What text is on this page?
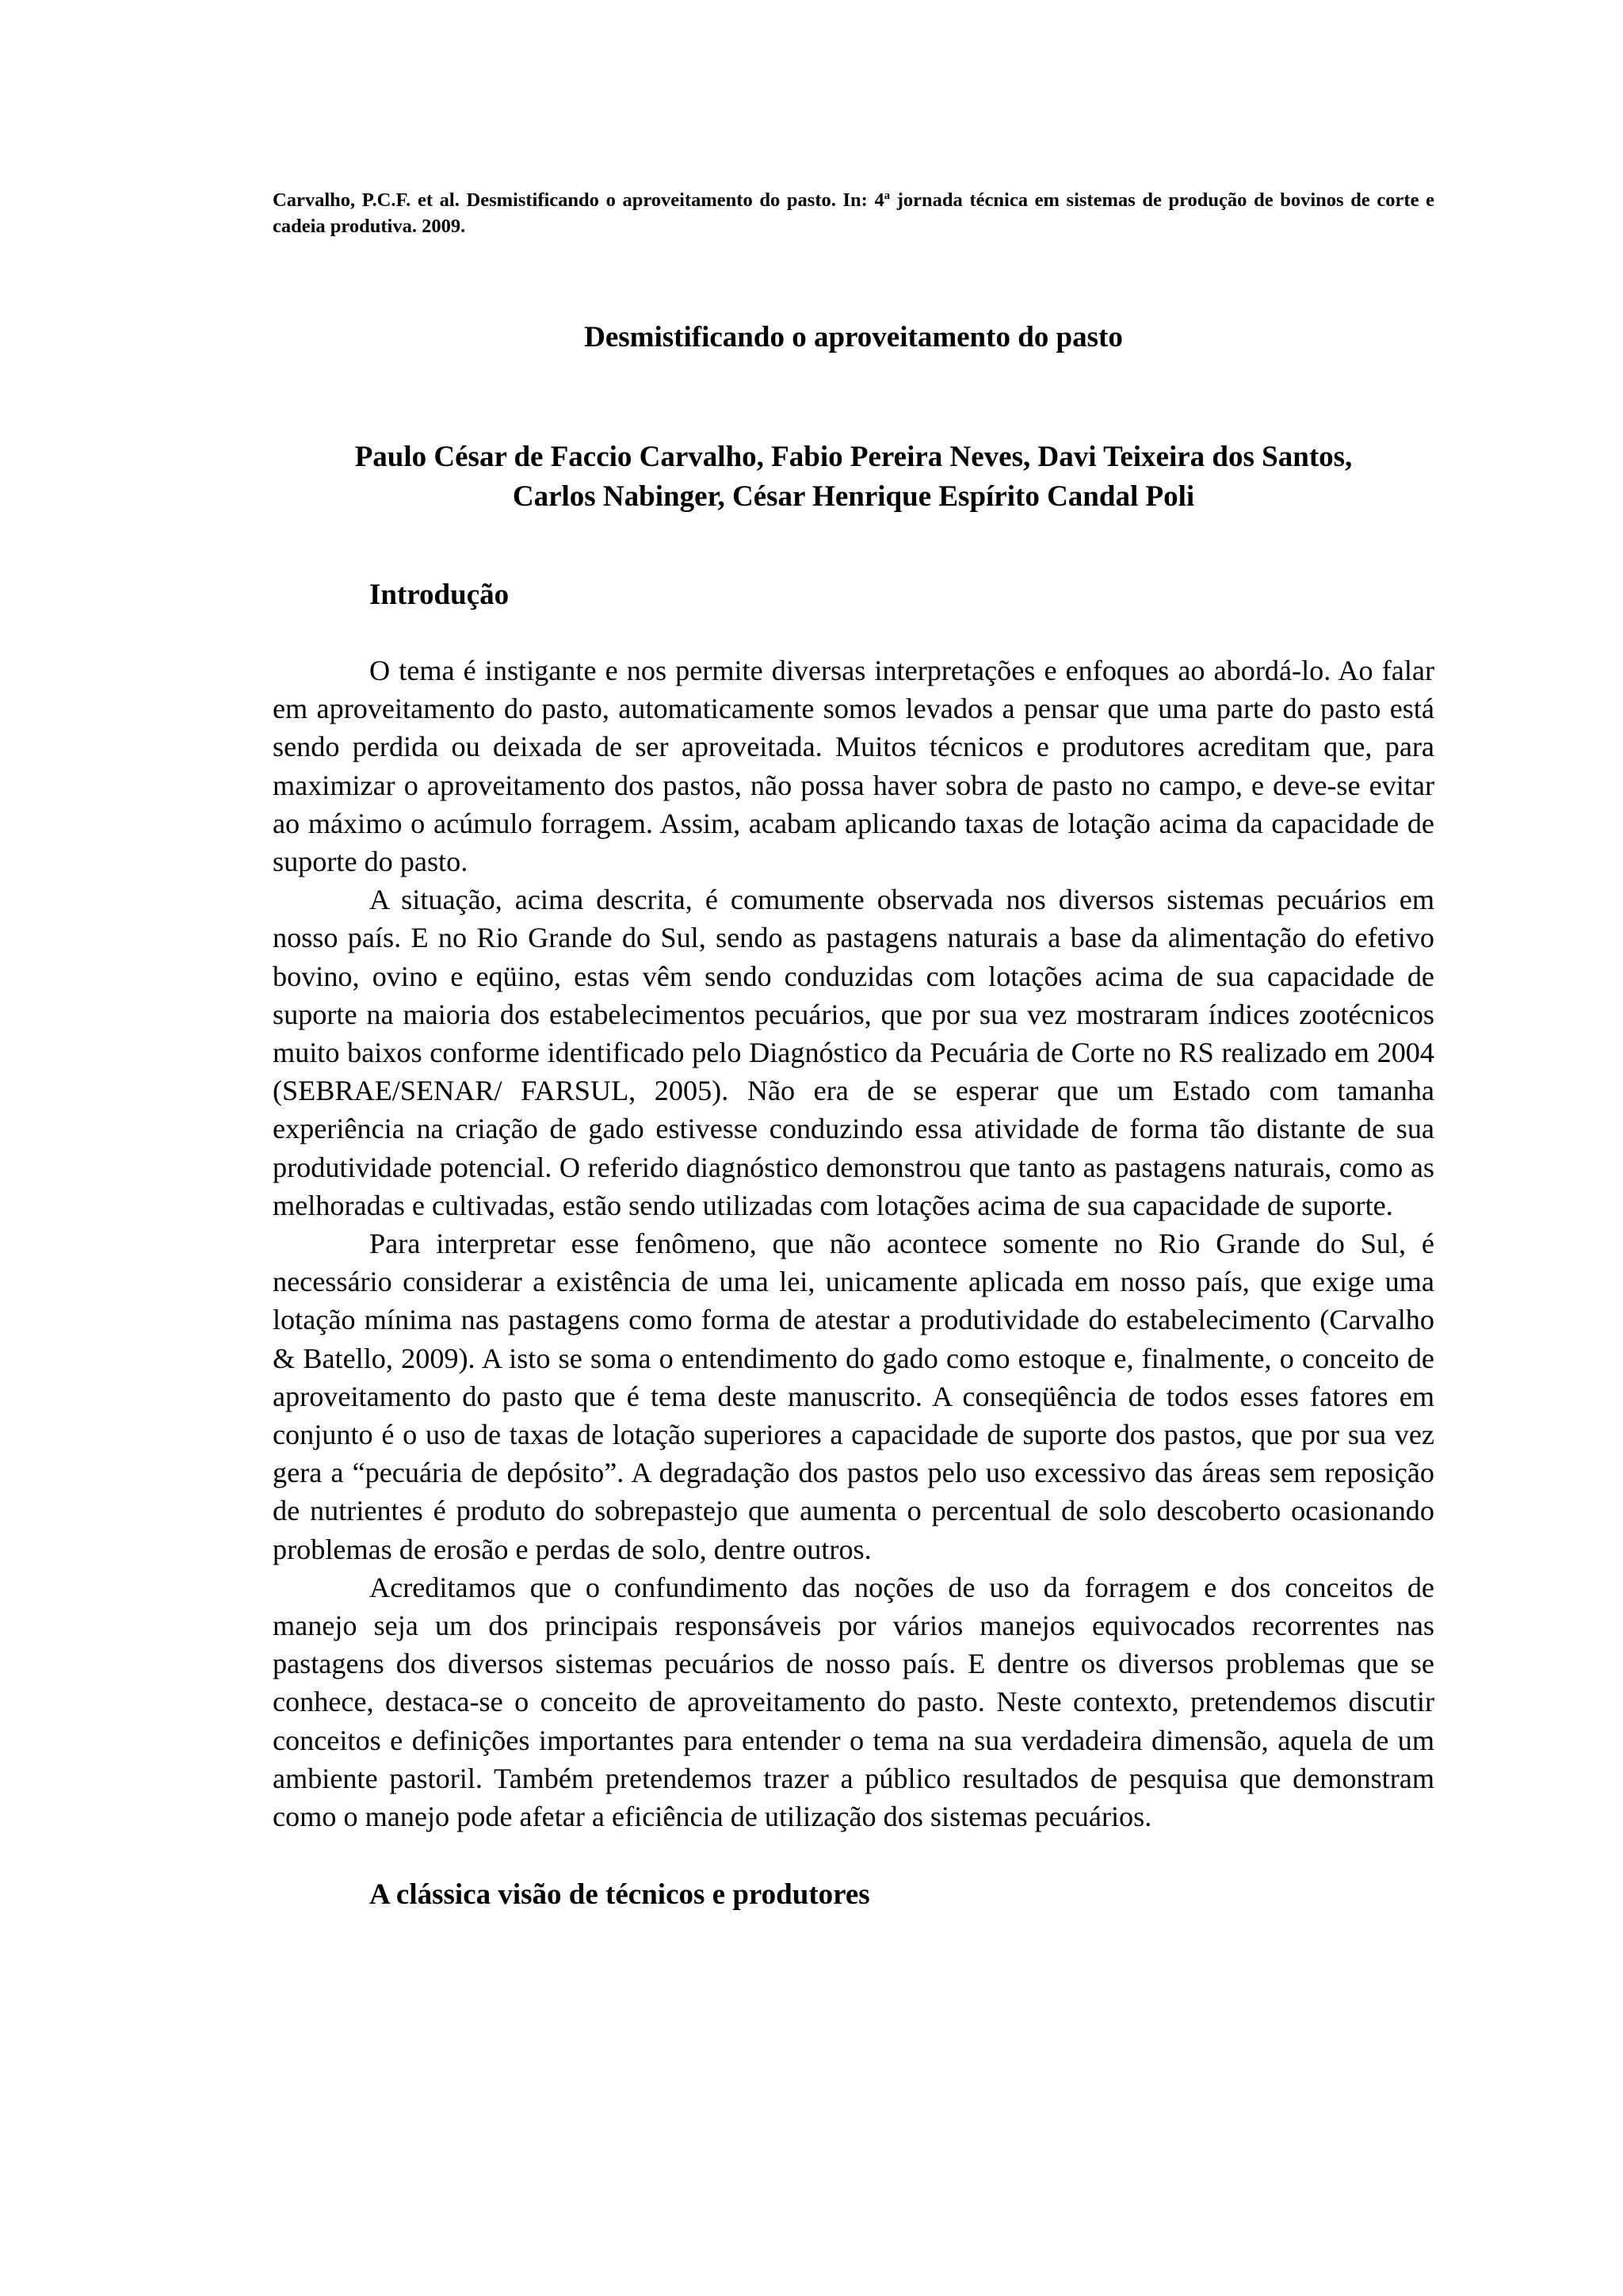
Carvalho, P.C.F. et al. Desmistificando o aproveitamento do pasto. In: 4$^a$ jornada técnica em sistemas de produção de bovinos de corte e cadeia produtiva. 2009.

Desmistificando o aproveitamento do pasto
Paulo César de Faccio Carvalho, Fabio Pereira Neves, Davi Teixeira dos Santos,
Carlos Nabinger, César Henrique Espírito Candal Poli
Introdução

O tema é instigante e nos permite diversas interpretações e enfoques ao abordá-lo. Ao falar em aproveitamento do pasto, automaticamente somos levados a pensar que uma parte do pasto está sendo perdida ou deixada de ser aproveitada. Muitos técnicos e produtores acreditam que, para maximizar o aproveitamento dos pastos, não possa haver sobra de pasto no campo, e deve-se evitar ao máximo o acúmulo forragem. Assim, acabam aplicando taxas de lotação acima da capacidade de suporte do pasto.

A situação, acima descrita, é comumente observada nos diversos sistemas pecuários em nosso país. E no Rio Grande do Sul, sendo as pastagens naturais a base da alimentação do efetivo bovino, ovino e eqüino, estas vêm sendo conduzidas com lotações acima de sua capacidade de suporte na maioria dos estabelecimentos pecuários, que por sua vez mostraram índices zootécnicos muito baixos conforme identificado pelo Diagnóstico da Pecuária de Corte no RS realizado em 2004 (SEBRAE/SENAR/ FARSUL, 2005). Não era de se esperar que um Estado com tamanha experiência na criação de gado estivesse conduzindo essa atividade de forma tão distante de sua produtividade potencial. O referido diagnóstico demonstrou que tanto as pastagens naturais, como as melhoradas e cultivadas, estão sendo utilizadas com lotações acima de sua capacidade de suporte.

Para interpretar esse fenômeno, que não acontece somente no Rio Grande do Sul, é necessário considerar a existência de uma lei, unicamente aplicada em nosso país, que exige uma lotação mínima nas pastagens como forma de atestar a produtividade do estabelecimento (Carvalho & Batello, 2009). A isto se soma o entendimento do gado como estoque e, finalmente, o conceito de aproveitamento do pasto que é tema deste manuscrito. A conseqüência de todos esses fatores em conjunto é o uso de taxas de lotação superiores a capacidade de suporte dos pastos, que por sua vez gera a “pecuária de depósito”. A degradação dos pastos pelo uso excessivo das áreas sem reposição de nutrientes é produto do sobrepastejo que aumenta o percentual de solo descoberto ocasionando problemas de erosão e perdas de solo, dentre outros.

Acreditamos que o confundimento das noções de uso da forragem e dos conceitos de manejo seja um dos principais responsáveis por vários manejos equivocados recorrentes nas pastagens dos diversos sistemas pecuários de nosso país. E dentre os diversos problemas que se conhece, destaca-se o conceito de aproveitamento do pasto. Neste contexto, pretendemos discutir conceitos e definições importantes para entender o tema na sua verdadeira dimensão, aquela de um ambiente pastoril. Também pretendemos trazer a público resultados de pesquisa que demonstram como o manejo pode afetar a eficiência de utilização dos sistemas pecuários.

A clássica visão de técnicos e produtores
